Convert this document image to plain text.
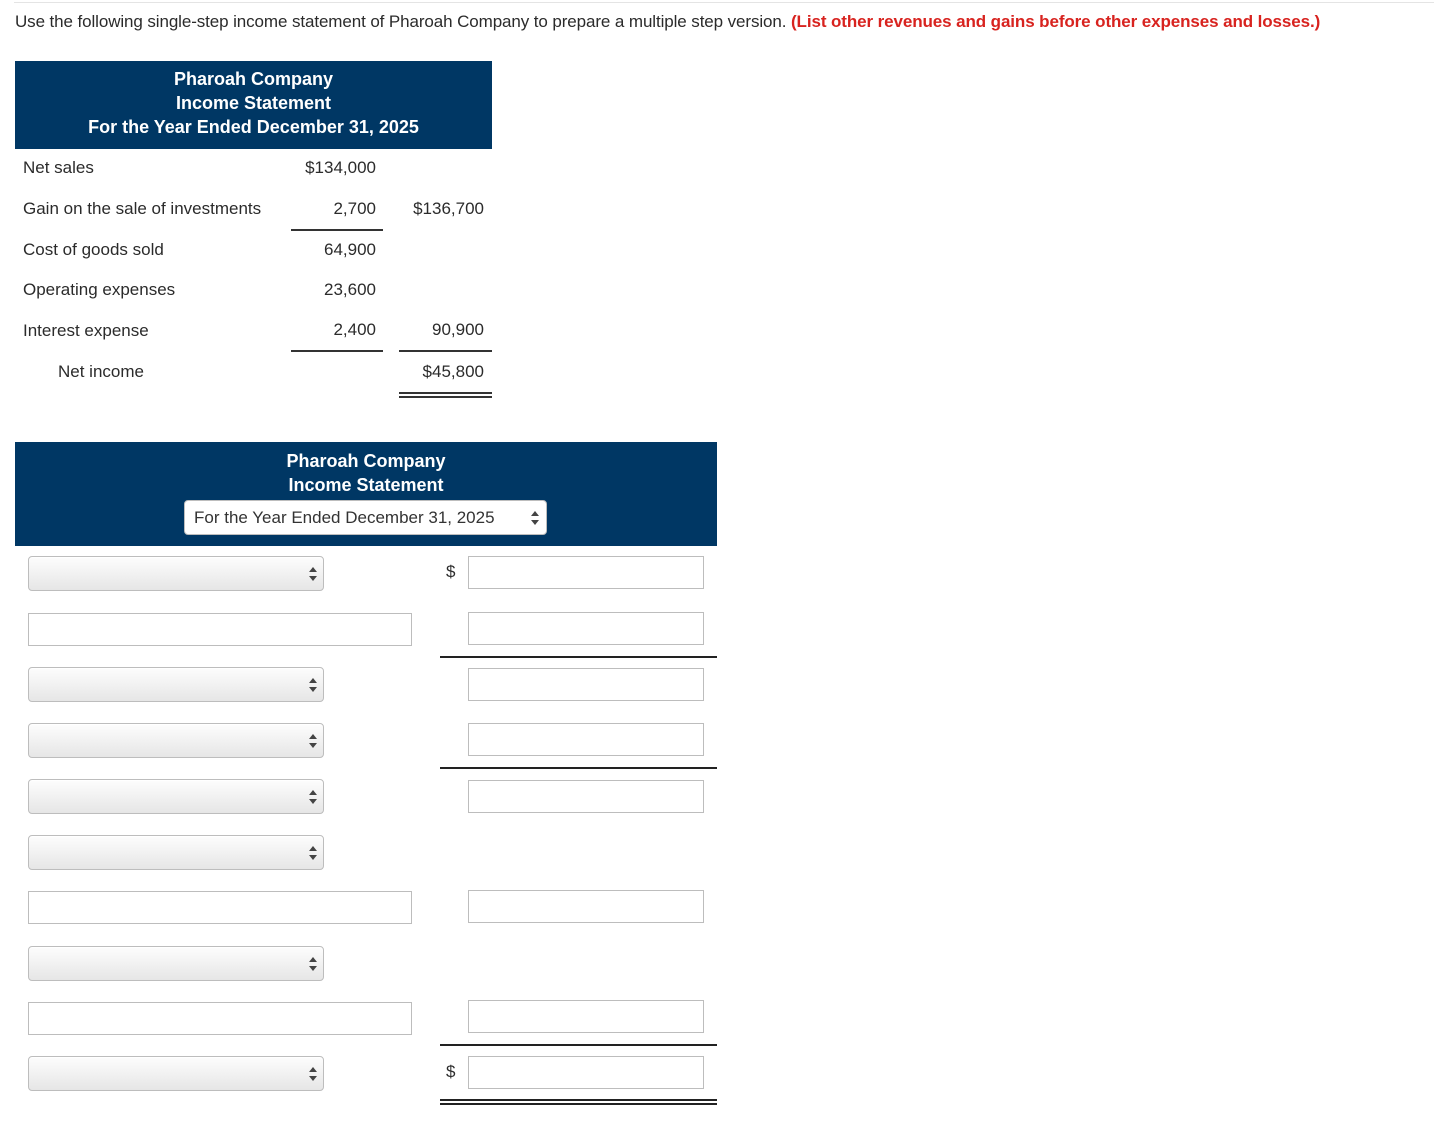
Use the following single-step income statement of Pharoah Company to prepare a multiple step version. (List other revenues and gains before other expenses and losses.)
Pharoah Company
Income Statement
For the Year Ended December 31, 2025
Net sales	$134,000
Gain on the sale of investments	2,700	$136,700
Cost of goods sold	64,900
Operating expenses	23,600
Interest expense	2,400	90,900
Net income	$45,800
Pharoah Company
Income Statement
For the Year Ended December 31, 2025
$
$
